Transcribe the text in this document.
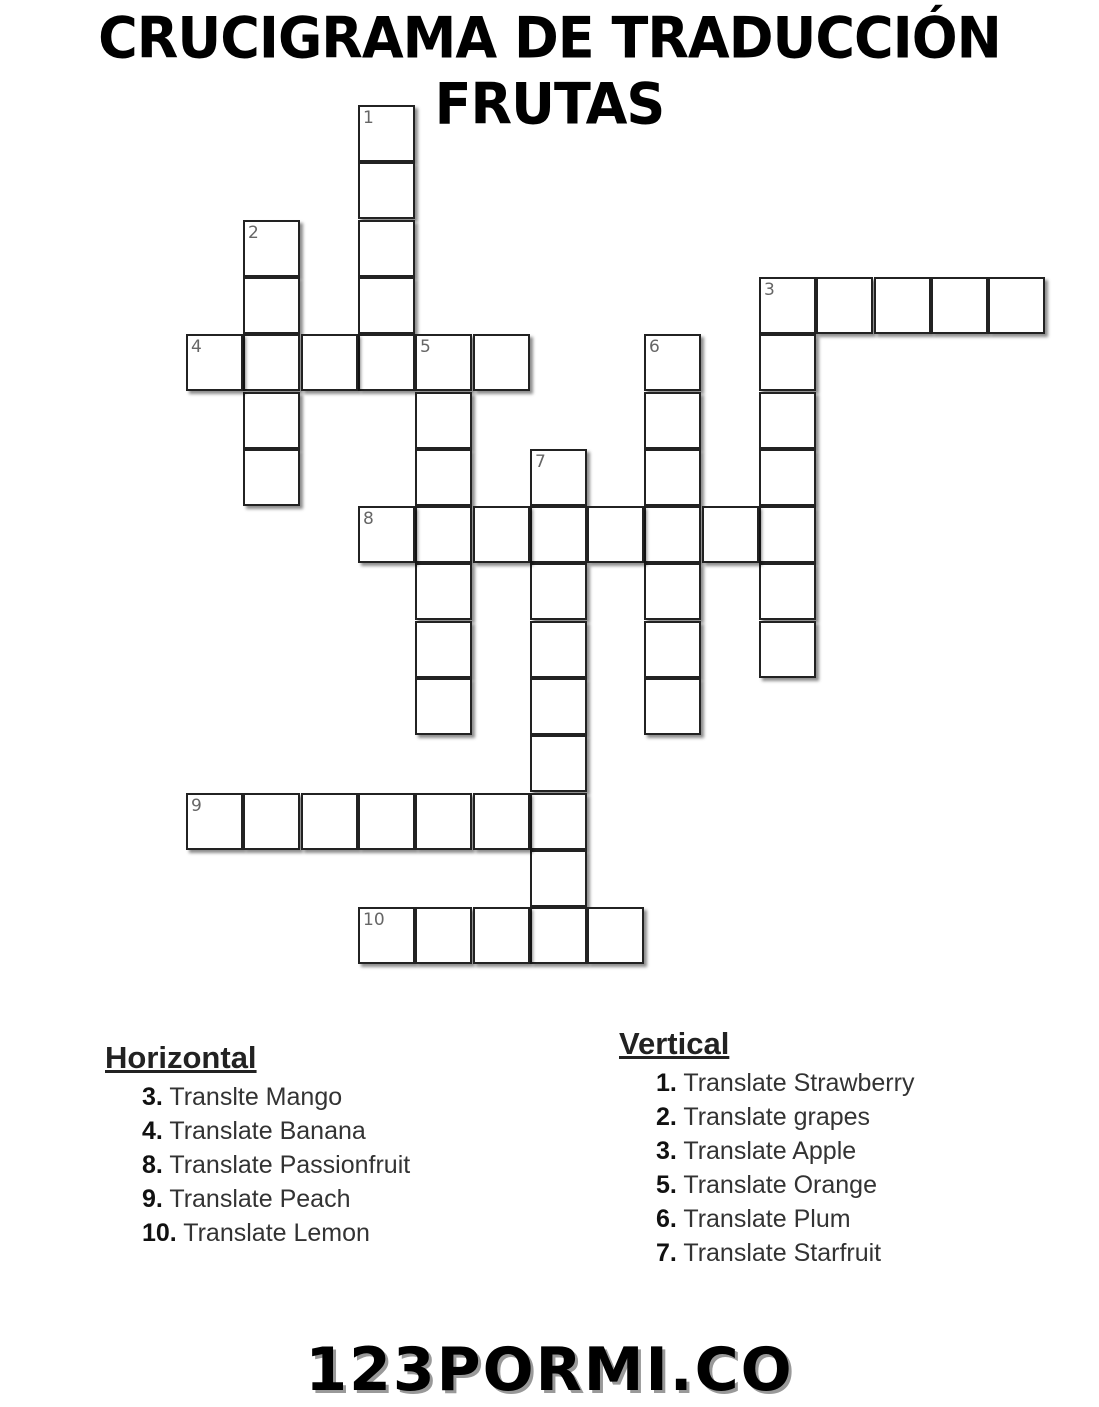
CRUCIGRAMA DE TRADUCCIÓN FRUTAS
1
2
3
4	5	6
7
8
9
10
Horizontal
3. Translte Mango
4. Translate Banana
8. Translate Passionfruit
9. Translate Peach
10. Translate Lemon
Vertical
1. Translate Strawberry
2. Translate grapes
3. Translate Apple
5. Translate Orange
6. Translate Plum
7. Translate Starfruit
123PORMI.CO
